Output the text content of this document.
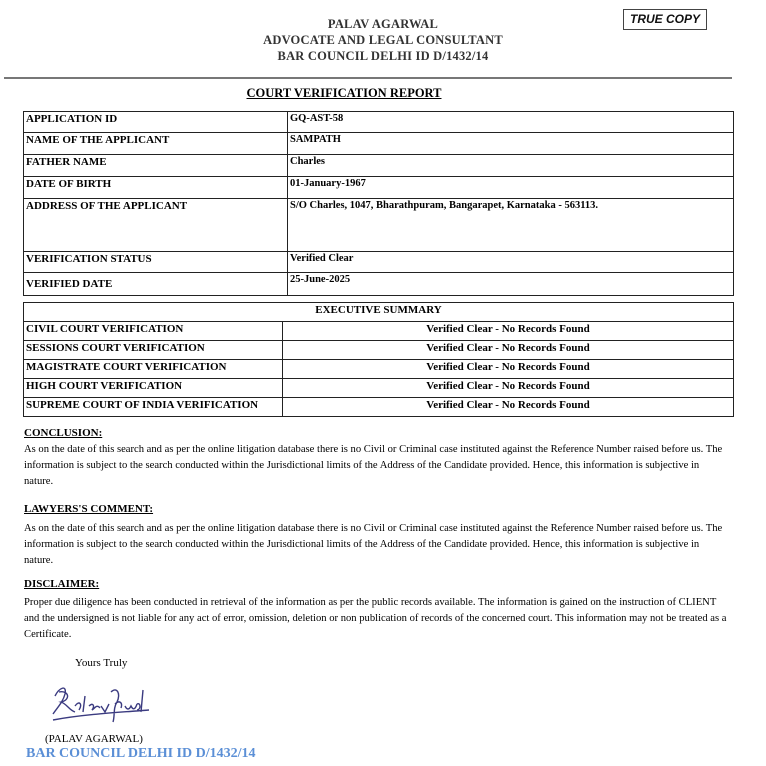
PALAV AGARWAL
ADVOCATE AND LEGAL CONSULTANT
BAR COUNCIL DELHI ID D/1432/14
TRUE COPY
COURT VERIFICATION REPORT
APPLICATION ID	GQ-AST-58
NAME OF THE APPLICANT	SAMPATH
FATHER NAME	Charles
DATE OF BIRTH	01-January-1967
ADDRESS OF THE APPLICANT	S/O Charles, 1047, Bharathpuram, Bangarapet, Karnataka - 563113.
VERIFICATION STATUS	Verified Clear
VERIFIED DATE	25-June-2025
EXECUTIVE SUMMARY	
CIVIL COURT VERIFICATION	Verified Clear - No Records Found
SESSIONS COURT VERIFICATION	Verified Clear - No Records Found
MAGISTRATE COURT VERIFICATION	Verified Clear - No Records Found
HIGH COURT VERIFICATION	Verified Clear - No Records Found
SUPREME COURT OF INDIA VERIFICATION	Verified Clear - No Records Found
CONCLUSION:
As on the date of this search and as per the online litigation database there is no Civil or Criminal case instituted against the Reference Number raised before us. The information is subject to the search conducted within the Jurisdictional limits of the Address of the Candidate provided. Hence, this information is subjective in nature.
LAWYERS'S COMMENT:
As on the date of this search and as per the online litigation database there is no Civil or Criminal case instituted against the Reference Number raised before us. The information is subject to the search conducted within the Jurisdictional limits of the Address of the Candidate provided. Hence, this information is subjective in nature.
DISCLAIMER:
Proper due diligence has been conducted in retrieval of the information as per the public records available. The information is gained on the instruction of CLIENT and the undersigned is not liable for any act of error, omission, deletion or non publication of records of the concerned court. This information may not be treated as a Certificate.
Yours Truly
(PALAV AGARWAL)
BAR COUNCIL DELHI ID D/1432/14
